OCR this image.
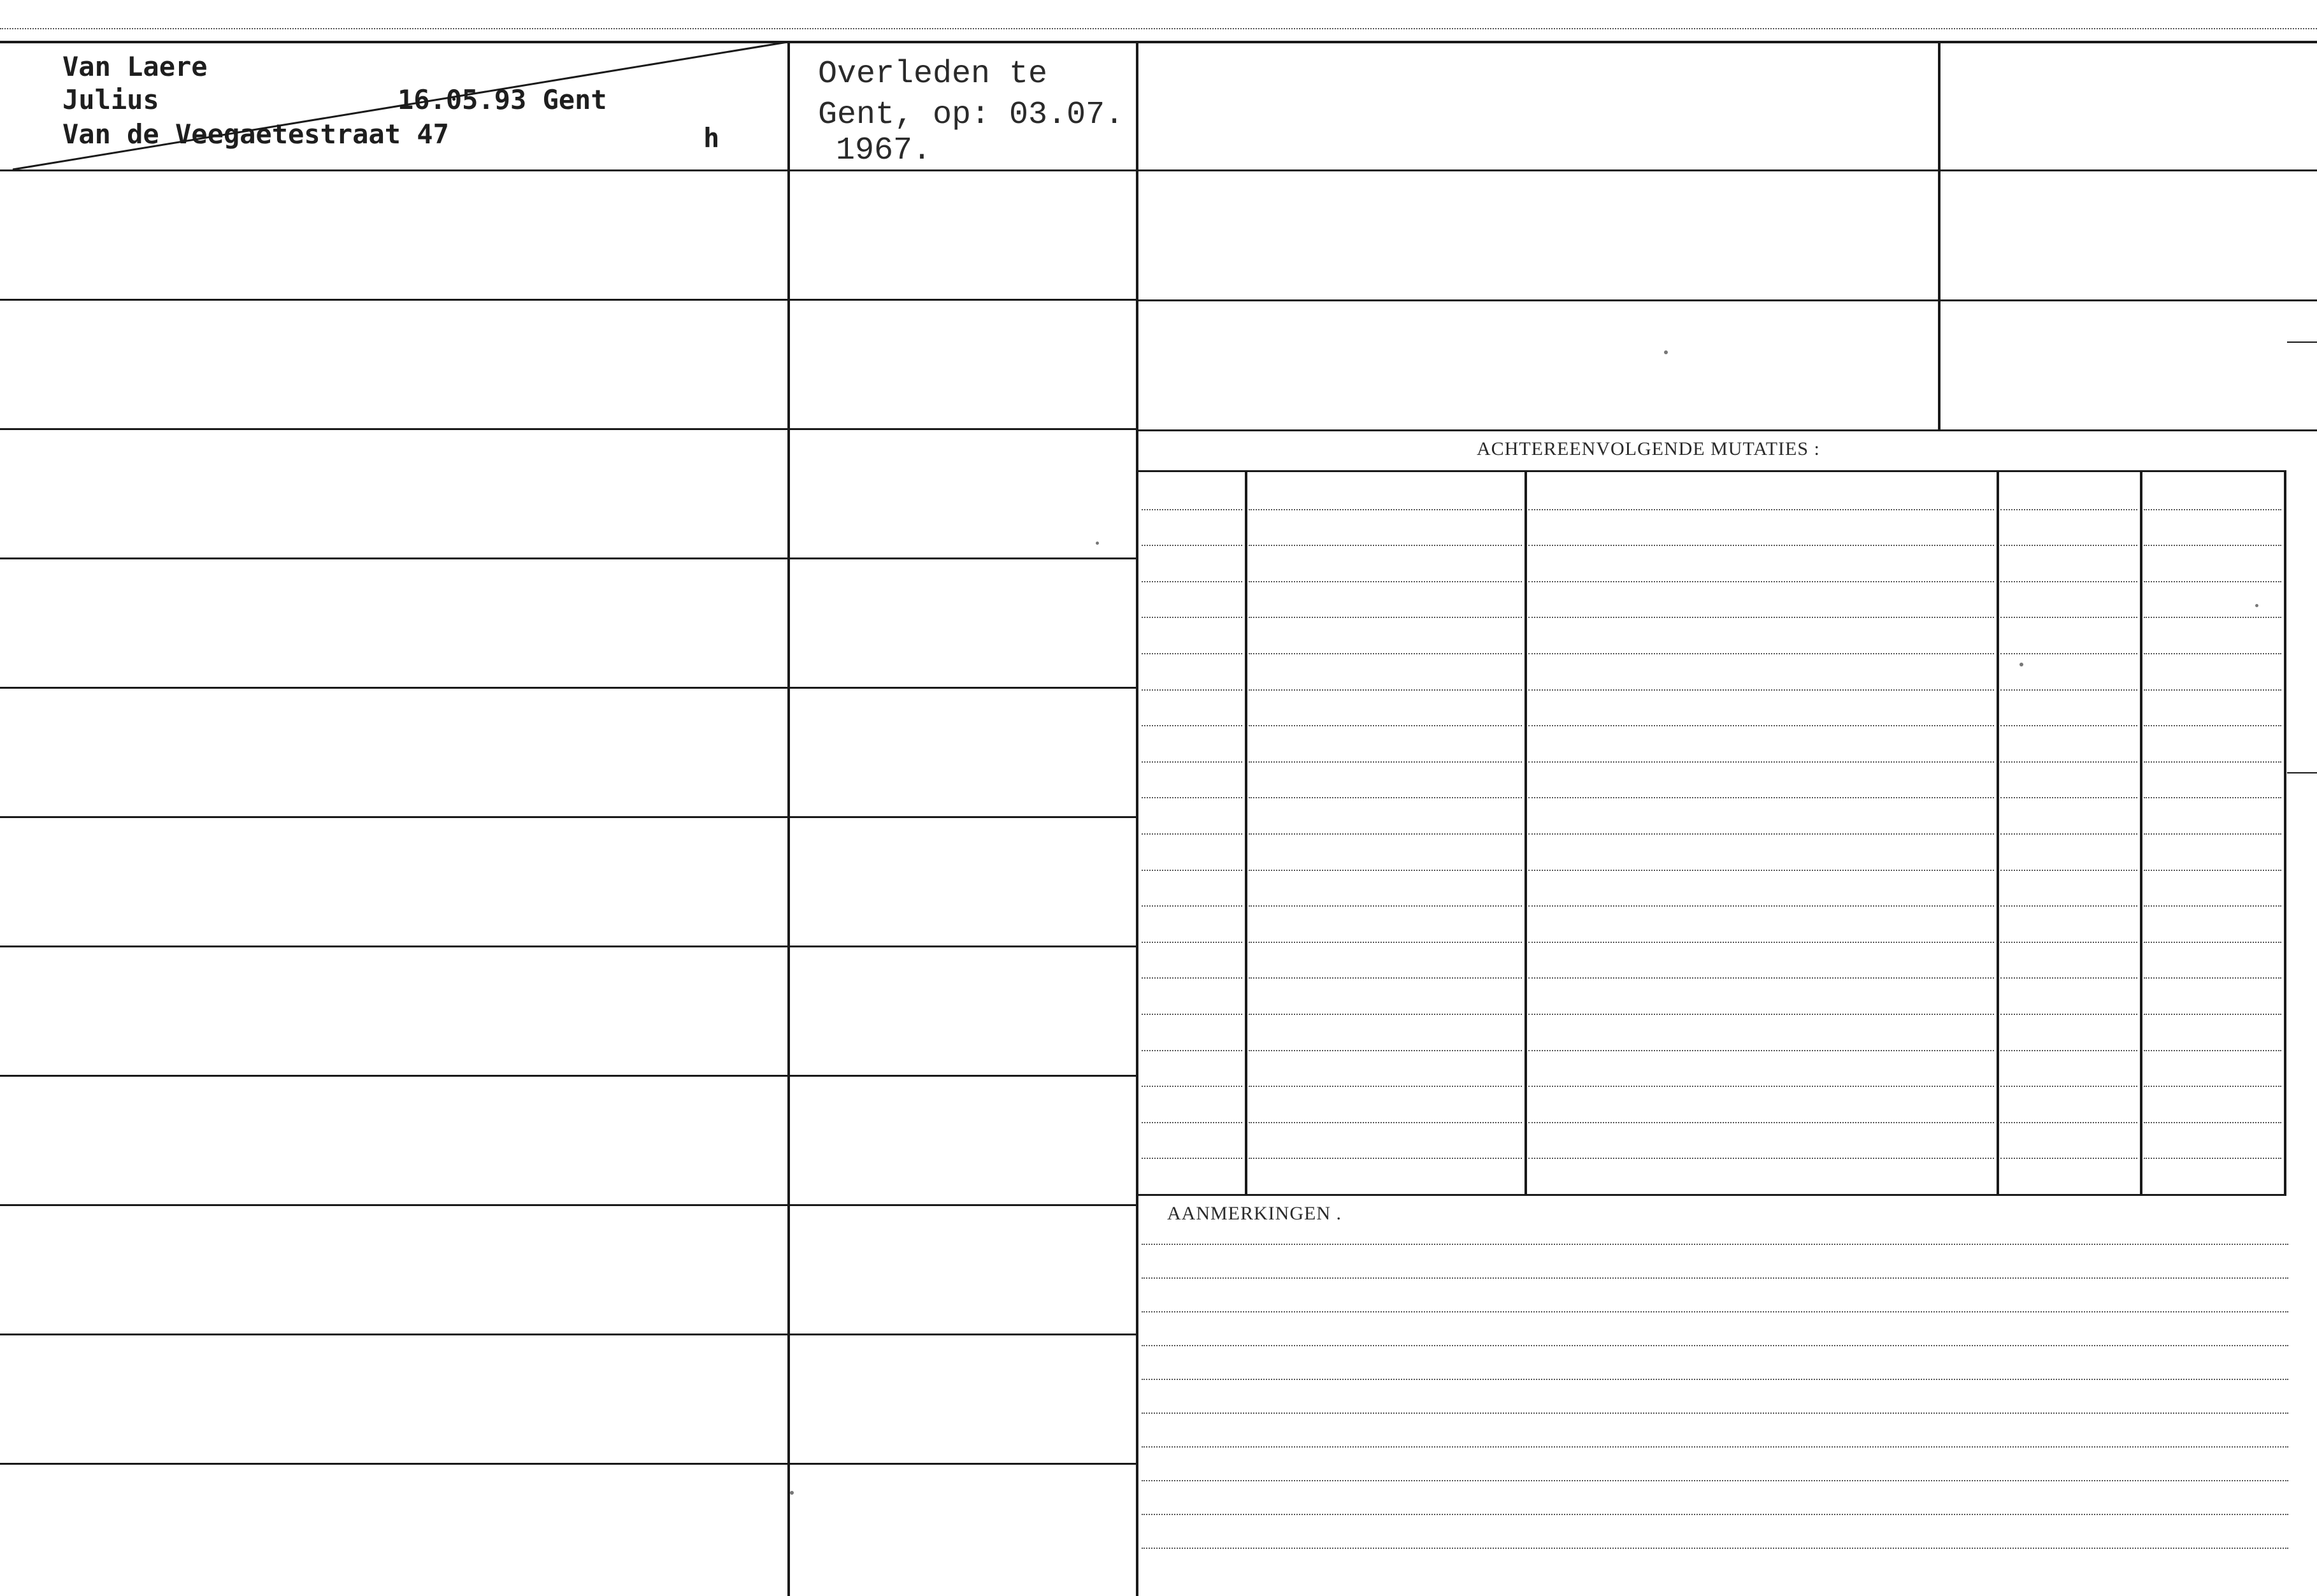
Van Laere
Julius	16.05.93 Gent
Van de Veegaetestraat 47	h
Overleden te
Gent, op: 03.07.
1967.
ACHTEREENVOLGENDE MUTATIES :
AANMERKINGEN .
